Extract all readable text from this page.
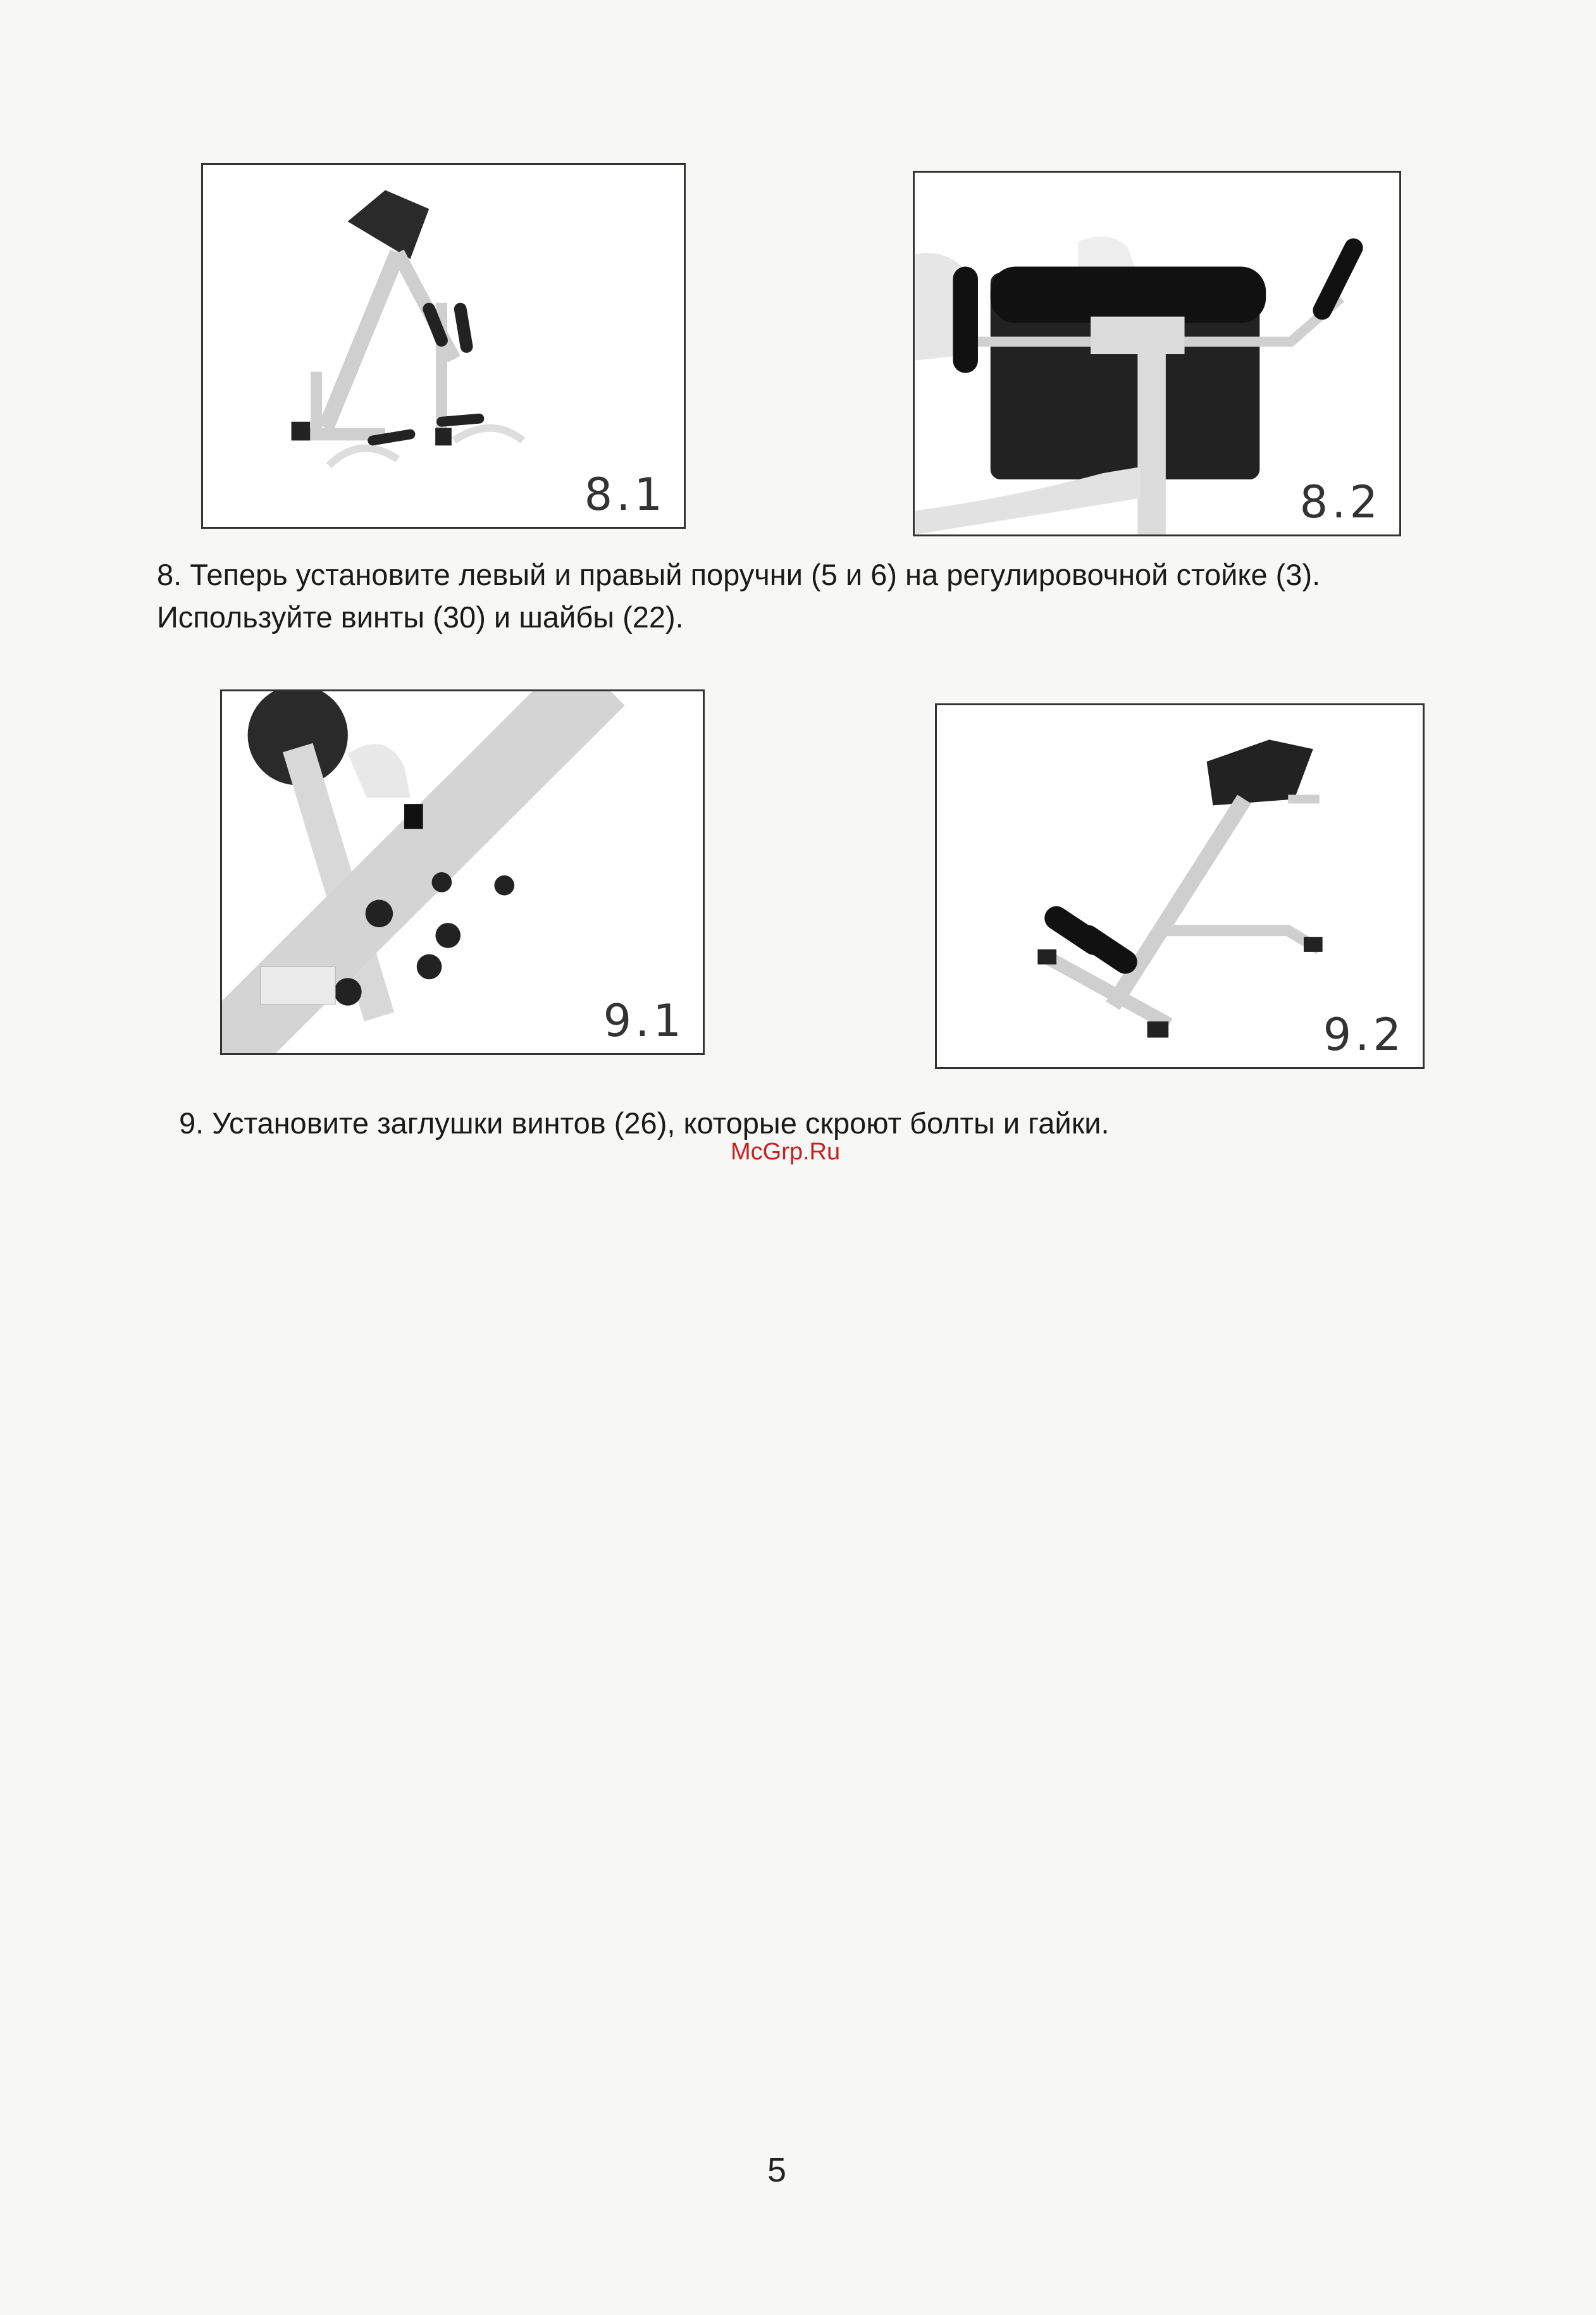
8.1	8.2
8. Теперь установите левый и правый поручни (5 и 6) на регулировочной стойке (3).
Используйте винты (30) и шайбы (22).
9.1	9.2
9. Установите заглушки винтов (26), которые скроют болты и гайки.
McGrp.Ru
5
